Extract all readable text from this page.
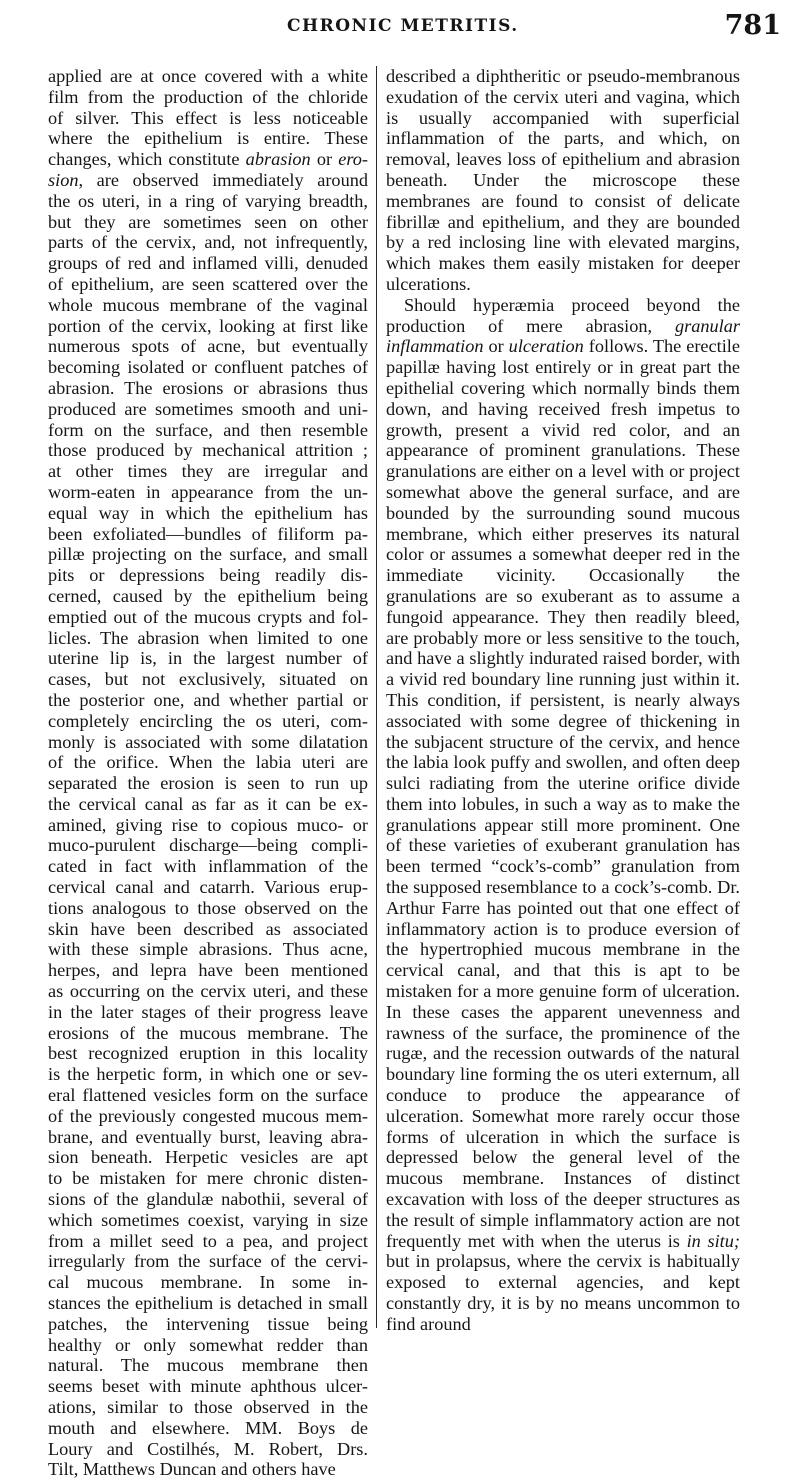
CHRONIC METRITIS.	781

applied are at once covered with a white
film from the production of the chloride
of silver. This effect is less noticeable
where the epithelium is entire. These
changes, which constitute abrasion or ero-
sion, are observed immediately around
the os uteri, in a ring of varying breadth,
but they are sometimes seen on other
parts of the cervix, and, not infrequently,
groups of red and inflamed villi, denuded
of epithelium, are seen scattered over the
whole mucous membrane of the vaginal
portion of the cervix, looking at first like
numerous spots of acne, but eventually
becoming isolated or confluent patches of
abrasion. The erosions or abrasions thus
produced are sometimes smooth and uni-
form on the surface, and then resemble
those produced by mechanical attrition ;
at other times they are irregular and
worm-eaten in appearance from the un-
equal way in which the epithelium has
been exfoliated—bundles of filiform pa-
pillæ projecting on the surface, and small
pits or depressions being readily dis-
cerned, caused by the epithelium being
emptied out of the mucous crypts and fol-
licles. The abrasion when limited to one
uterine lip is, in the largest number of
cases, but not exclusively, situated on
the posterior one, and whether partial or
completely encircling the os uteri, com-
monly is associated with some dilatation
of the orifice. When the labia uteri are
separated the erosion is seen to run up
the cervical canal as far as it can be ex-
amined, giving rise to copious muco- or
muco-purulent discharge—being compli-
cated in fact with inflammation of the
cervical canal and catarrh. Various erup-
tions analogous to those observed on the
skin have been described as associated
with these simple abrasions. Thus acne,
herpes, and lepra have been mentioned
as occurring on the cervix uteri, and these
in the later stages of their progress leave
erosions of the mucous membrane. The
best recognized eruption in this locality
is the herpetic form, in which one or sev-
eral flattened vesicles form on the surface
of the previously congested mucous mem-
brane, and eventually burst, leaving abra-
sion beneath. Herpetic vesicles are apt
to be mistaken for mere chronic disten-
sions of the glandulæ nabothii, several of
which sometimes coexist, varying in size
from a millet seed to a pea, and project
irregularly from the surface of the cervi-
cal mucous membrane. In some in-
stances the epithelium is detached in small
patches, the intervening tissue being
healthy or only somewhat redder than
natural. The mucous membrane then
seems beset with minute aphthous ulcer-
ations, similar to those observed in the
mouth and elsewhere. MM. Boys de
Loury and Costilhés, M. Robert, Drs.
Tilt, Matthews Duncan and others have

described a diphtheritic or pseudo-membranous exudation of the cervix uteri and vagina, which is usually accompanied with superficial inflammation of the parts, and which, on removal, leaves loss of epithelium and abrasion beneath. Under the microscope these membranes are found to consist of delicate fibrillæ and epithelium, and they are bounded by a red inclosing line with elevated margins, which makes them easily mistaken for deeper ulcerations.

Should hyperæmia proceed beyond the production of mere abrasion, granular inflammation or ulceration follows. The erectile papillæ having lost entirely or in great part the epithelial covering which normally binds them down, and having received fresh impetus to growth, present a vivid red color, and an appearance of prominent granulations. These granulations are either on a level with or project somewhat above the general surface, and are bounded by the surrounding sound mucous membrane, which either preserves its natural color or assumes a somewhat deeper red in the immediate vicinity. Occasionally the granulations are so exuberant as to assume a fungoid appearance. They then readily bleed, are probably more or less sensitive to the touch, and have a slightly indurated raised border, with a vivid red boundary line running just within it. This condition, if persistent, is nearly always associated with some degree of thickening in the subjacent structure of the cervix, and hence the labia look puffy and swollen, and often deep sulci radiating from the uterine orifice divide them into lobules, in such a way as to make the granulations appear still more prominent. One of these varieties of exuberant granulation has been termed “cock’s-comb” granulation from the supposed resemblance to a cock’s-comb. Dr. Arthur Farre has pointed out that one effect of inflammatory action is to produce eversion of the hypertrophied mucous membrane in the cervical canal, and that this is apt to be mistaken for a more genuine form of ulceration. In these cases the apparent unevenness and rawness of the surface, the prominence of the rugæ, and the recession outwards of the natural boundary line forming the os uteri externum, all conduce to produce the appearance of ulceration. Somewhat more rarely occur those forms of ulceration in which the surface is depressed below the general level of the mucous membrane. Instances of distinct excavation with loss of the deeper structures as the result of simple inflammatory action are not frequently met with when the uterus is in situ; but in prolapsus, where the cervix is habitually exposed to external agencies, and kept constantly dry, it is by no means uncommon to find around
